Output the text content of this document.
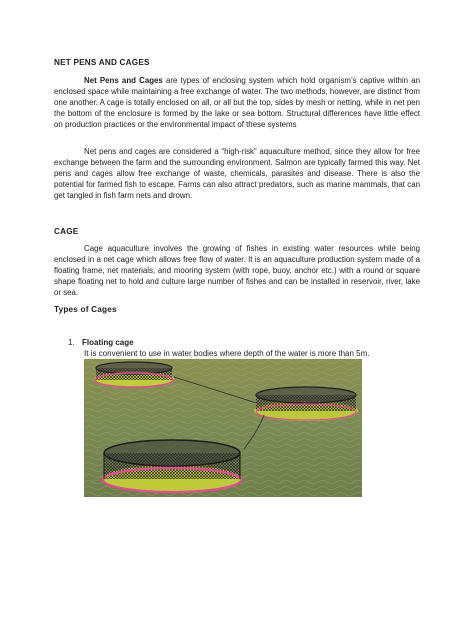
NET PENS AND CAGES
Net Pens and Cages are types of enclosing system which hold organism’s captive within an enclosed space while maintaining a free exchange of water. The two methods, however, are distinct from one another. A cage is totally enclosed on all, or all but the top, sides by mesh or netting, while in net pen the bottom of the enclosure is formed by the lake or sea bottom. Structural differences have little effect on production practices or the environmental impact of these systems
Net pens and cages are considered a “high-risk” aquaculture method, since they allow for free exchange between the farm and the surrounding environment. Salmon are typically farmed this way. Net pens and cages allow free exchange of waste, chemicals, parasites and disease. There is also the potential for farmed fish to escape. Farms can also attract predators, such as marine mammals, that can get tangled in fish farm nets and drown.
CAGE
Cage aquaculture involves the growing of fishes in existing water resources while being enclosed in a net cage which allows free flow of water. It is an aquaculture production system made of a floating frame, net materials, and mooring system (with rope, buoy, anchor etc.) with a round or square shape floating net to hold and culture large number of fishes and can be installed in reservoir, river, lake or sea.
Types of Cages
1. Floating cage
It is convenient to use in water bodies where depth of the water is more than 5m.
